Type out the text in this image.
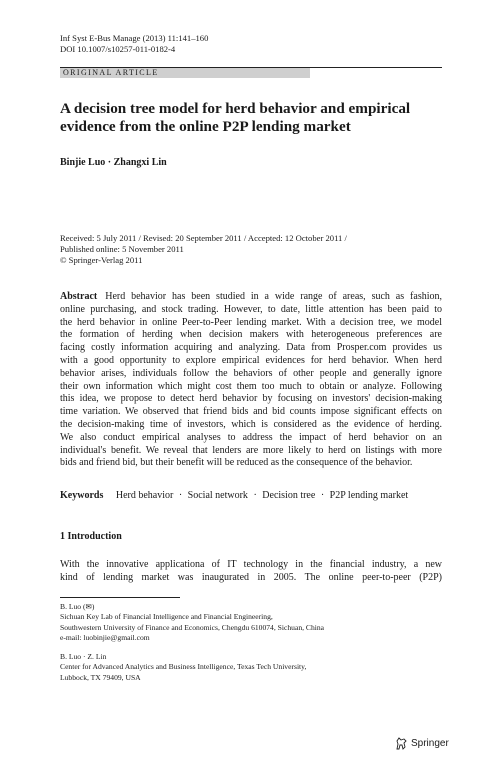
Inf Syst E-Bus Manage (2013) 11:141–160
DOI 10.1007/s10257-011-0182-4
ORIGINAL ARTICLE
A decision tree model for herd behavior and empirical
evidence from the online P2P lending market
Binjie Luo · Zhangxi Lin
Received: 5 July 2011 / Revised: 20 September 2011 / Accepted: 12 October 2011 /
Published online: 5 November 2011
© Springer-Verlag 2011
Abstract Herd behavior has been studied in a wide range of areas, such as fashion,
online purchasing, and stock trading. However, to date, little attention has been paid to
the herd behavior in online Peer-to-Peer lending market. With a decision tree, we model
the formation of herding when decision makers with heterogeneous preferences are
facing costly information acquiring and analyzing. Data from Prosper.com provides us
with a good opportunity to explore empirical evidences for herd behavior. When herd
behavior arises, individuals follow the behaviors of other people and generally ignore
their own information which might cost them too much to obtain or analyze. Following
this idea, we propose to detect herd behavior by focusing on investors' decision-making
time variation. We observed that friend bids and bid counts impose significant effects on
the decision-making time of investors, which is considered as the evidence of herding.
We also conduct empirical analyses to address the impact of herd behavior on an
individual's benefit. We reveal that lenders are more likely to herd on listings with more
bids and friend bid, but their benefit will be reduced as the consequence of the behavior.
Keywords Herd behavior · Social network · Decision tree · P2P lending market
1 Introduction
With the innovative applicationa of IT technology in the financial industry, a new
kind of lending market was inaugurated in 2005. The online peer-to-peer (P2P)
B. Luo (✉)
Sichuan Key Lab of Financial Intelligence and Financial Engineering,
Southwestern University of Finance and Economics, Chengdu 610074, Sichuan, China
e-mail: luobinjie@gmail.com
B. Luo · Z. Lin
Center for Advanced Analytics and Business Intelligence, Texas Tech University,
Lubbock, TX 79409, USA
Springer
